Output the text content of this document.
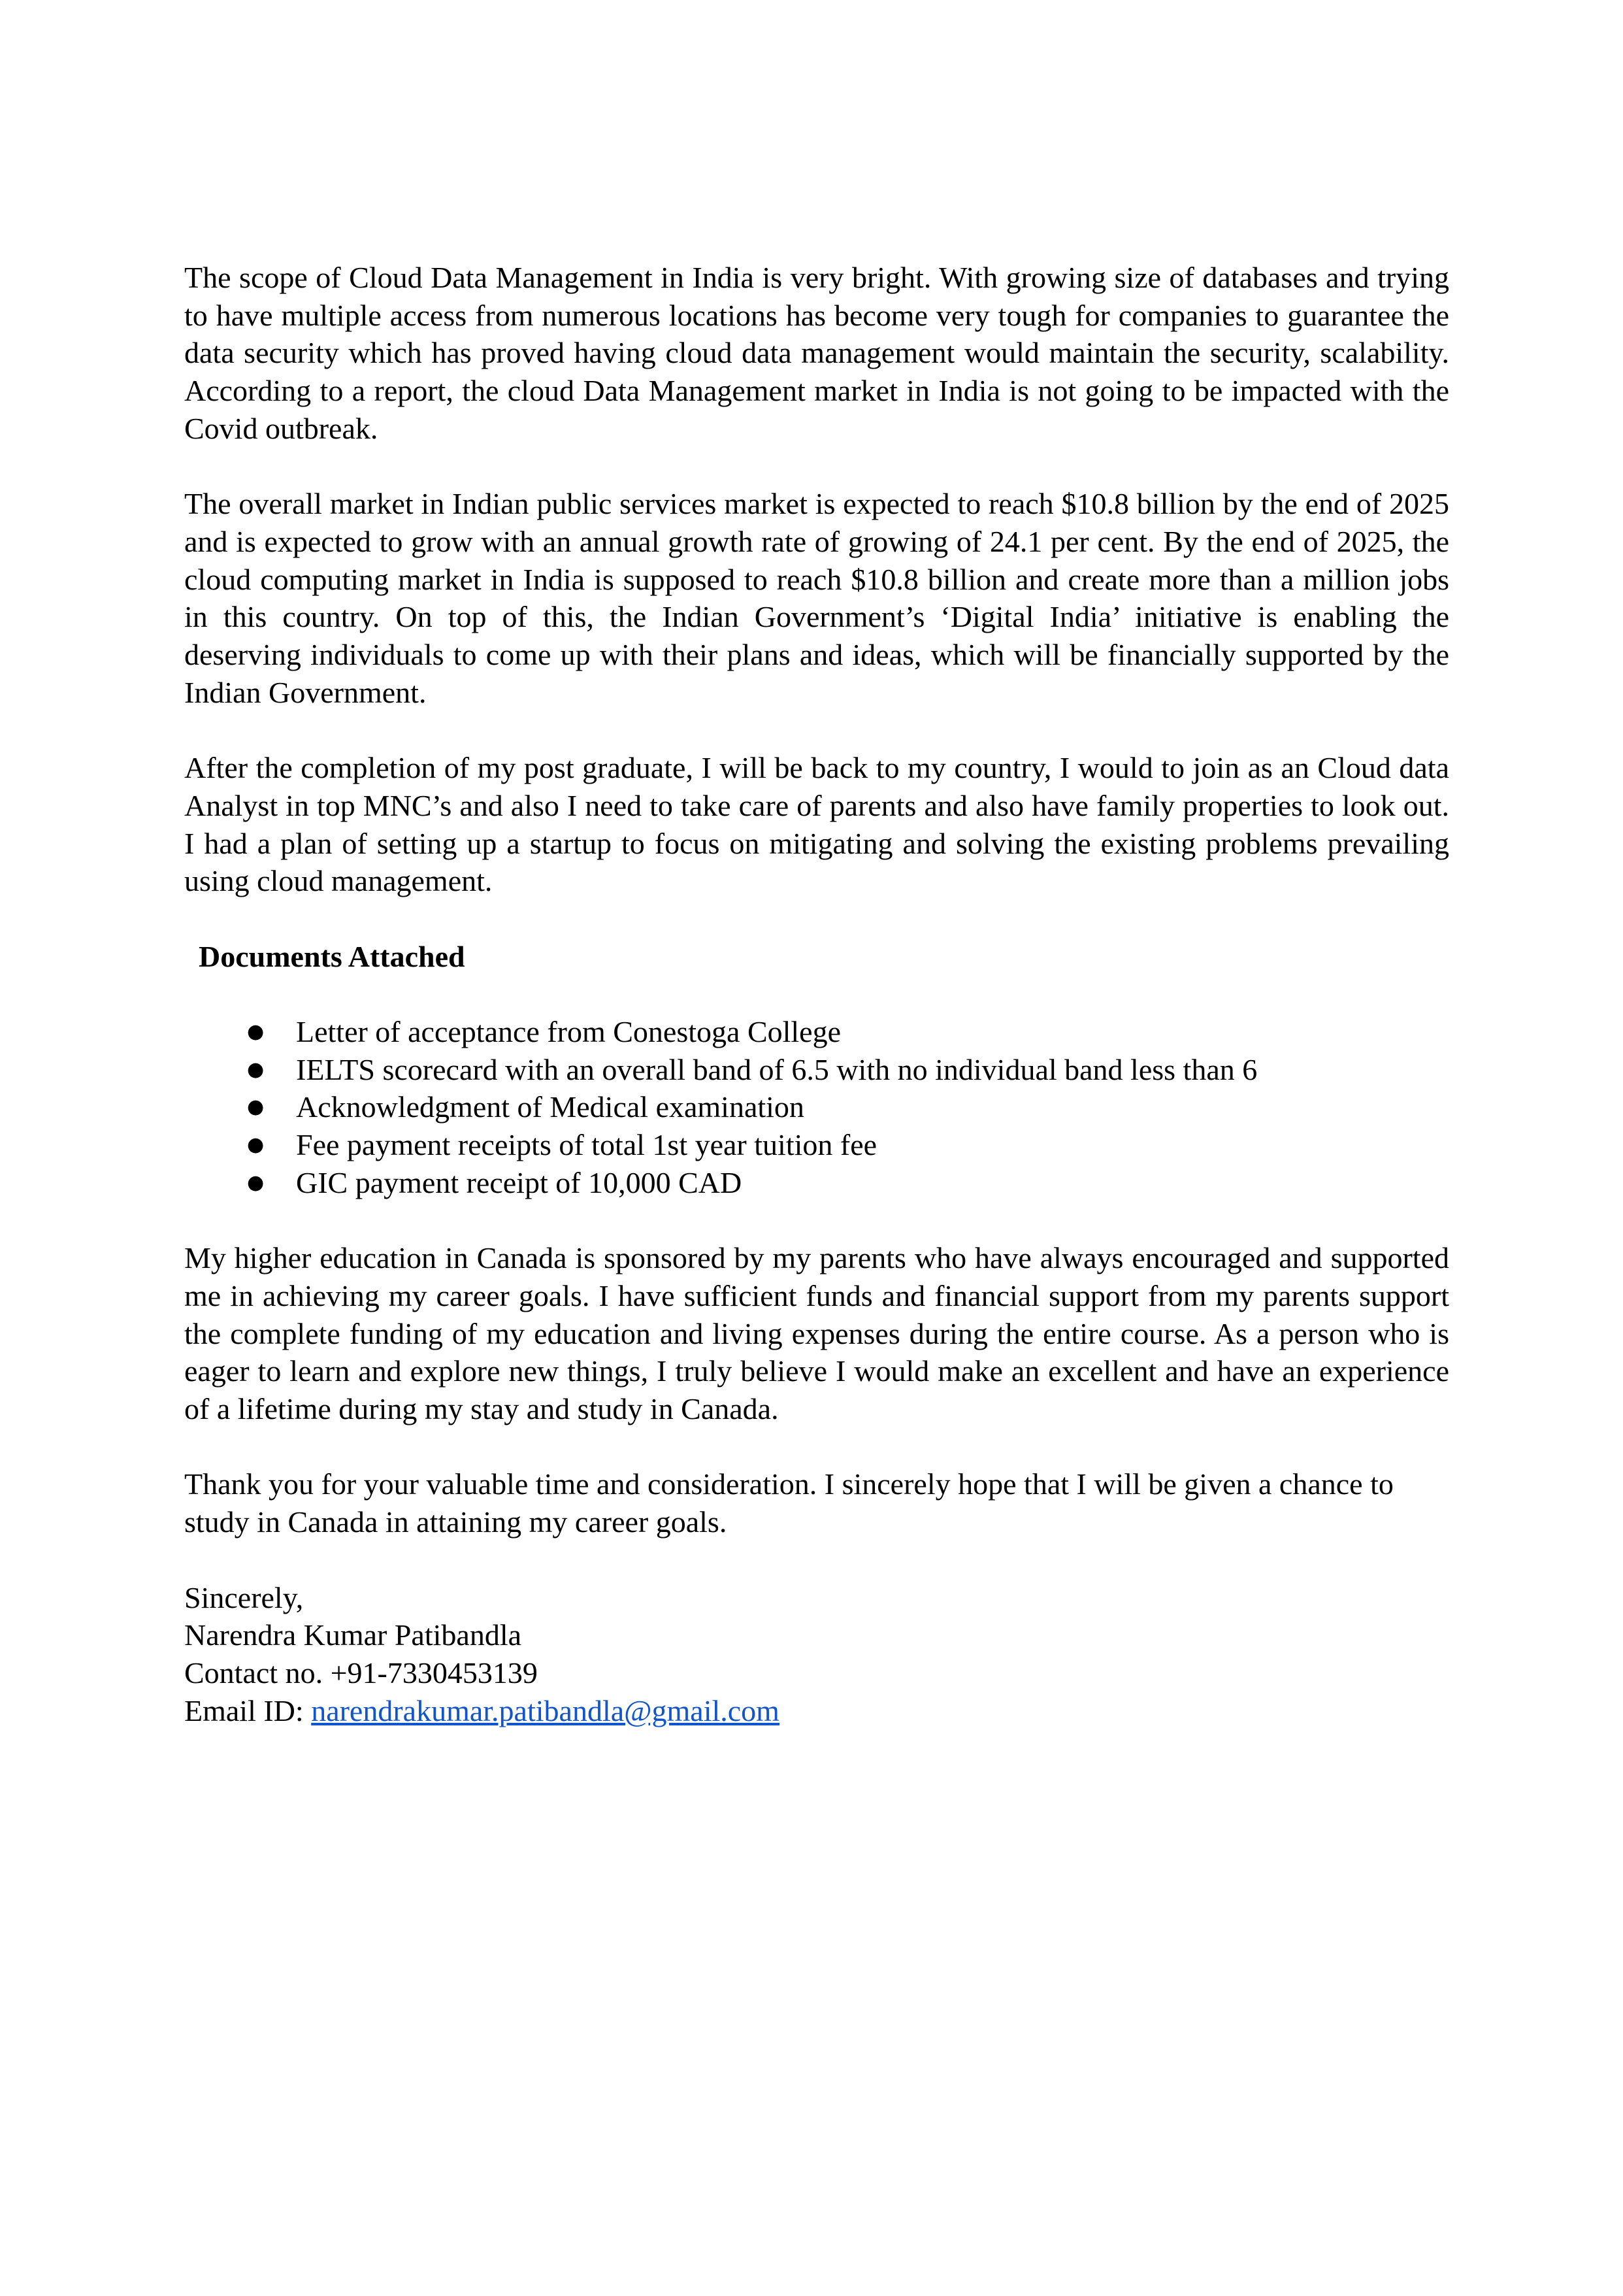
The scope of Cloud Data Management in India is very bright. With growing size of databases and trying to have multiple access from numerous locations has become very tough for companies to guarantee the data security which has proved having cloud data management would maintain the security, scalability. According to a report, the cloud Data Management market in India is not going to be impacted with the Covid outbreak.

The overall market in Indian public services market is expected to reach $10.8 billion by the end of 2025 and is expected to grow with an annual growth rate of growing of 24.1 per cent. By the end of 2025, the cloud computing market in India is supposed to reach $10.8 billion and create more than a million jobs in this country. On top of this, the Indian Government’s ‘Digital India’ initiative is enabling the deserving individuals to come up with their plans and ideas, which will be financially supported by the Indian Government.

After the completion of my post graduate, I will be back to my country, I would to join as an Cloud data Analyst in top MNC’s and also I need to take care of parents and also have family properties to look out. I had a plan of setting up a startup to focus on mitigating and solving the existing problems prevailing using cloud management.

Documents Attached

● Letter of acceptance from Conestoga College
● IELTS scorecard with an overall band of 6.5 with no individual band less than 6
● Acknowledgment of Medical examination
● Fee payment receipts of total 1st year tuition fee
● GIC payment receipt of 10,000 CAD

My higher education in Canada is sponsored by my parents who have always encouraged and supported me in achieving my career goals. I have sufficient funds and financial support from my parents support the complete funding of my education and living expenses during the entire course. As a person who is eager to learn and explore new things, I truly believe I would make an excellent and have an experience of a lifetime during my stay and study in Canada.

Thank you for your valuable time and consideration. I sincerely hope that I will be given a chance to study in Canada in attaining my career goals.

Sincerely,

Narendra Kumar Patibandla

Contact no. +91-7330453139

Email ID: narendrakumar.patibandla@gmail.com
